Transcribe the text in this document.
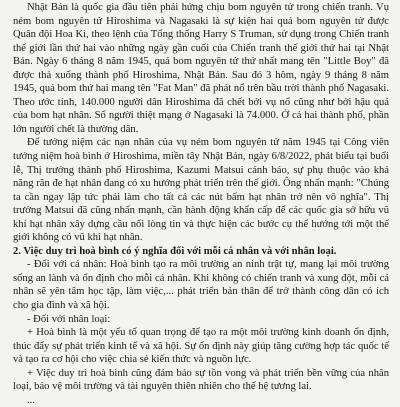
Nhật Bản là quốc gia đầu tiên phải hứng chịu bom nguyên tử trong chiến tranh. Vụ ném bom nguyên tử Hiroshima và Nagasaki là sự kiện hai quả bom nguyên tử được Quân đội Hoa Kì, theo lệnh của Tổng thống Harry S Truman, sử dụng trong Chiến tranh thế giới lần thứ hai vào những ngày gần cuối của Chiến tranh thế giới thứ hai tại Nhật Bản. Ngày 6 tháng 8 năm 1945, quả bom nguyên tử thứ nhất mang tên "Little Boy" đã được thả xuống thành phố Hiroshima, Nhật Bản. Sau đó 3 hôm, ngày 9 tháng 8 năm 1945, quả bom thứ hai mang tên "Fat Man" đã phát nổ trên bầu trời thành phố Nagasaki. Theo ước tính, 140.000 người dân Hiroshima đã chết bởi vụ nổ cũng như bởi hậu quả của bom hạt nhân. Số người thiệt mạng ở Nagasaki là 74.000. Ở cả hai thành phố, phần lớn người chết là thường dân.

Để tưởng niệm các nạn nhân của vụ ném bom nguyên tử năm 1945 tại Công viên tưởng niệm hoà bình ở Hiroshima, miền tây Nhật Bản, ngày 6/8/2022, phát biểu tại buổi lễ, Thị trưởng thành phố Hiroshima, Kazumi Matsui cảnh báo, sự phụ thuộc vào khả năng răn đe hạt nhân đang có xu hướng phát triển trên thế giới. Ông nhấn mạnh: "Chúng ta cần ngay lập tức phải làm cho tất cả các nút bấm hạt nhân trở nên vô nghĩa". Thị trưởng Matsui đã cũng nhấn mạnh, cần hành động khẩn cấp để các quốc gia sở hữu vũ khí hạt nhân xây dựng cầu nối lòng tin và thực hiện các bước cụ thể hướng tới một thế giới không có vũ khí hạt nhân.

2. Việc duy trì hoà bình có ý nghĩa đối với mỗi cá nhân và với nhân loại.

- Đối với cá nhân: Hoà bình tạo ra môi trường an ninh trật tự, mang lại môi trường sống an lành và ổn định cho mỗi cá nhân. Khi không có chiến tranh và xung đột, mỗi cá nhân sẽ yên tâm học tập, làm việc,... phát triển bản thân để trở thành công dân có ích cho gia đình và xã hội.

- Đối với nhân loại:

+ Hoà bình là một yếu tố quan trọng để tạo ra một môi trường kinh doanh ổn định, thúc đẩy sự phát triển kinh tế và xã hội. Sự ổn định này giúp tăng cường hợp tác quốc tế và tạo ra cơ hội cho việc chia sẻ kiến thức và nguồn lực.

+ Việc duy trì hoà bình cũng đảm bảo sự tồn vong và phát triển bền vững của nhân loại, bảo vệ môi trường và tài nguyên thiên nhiên cho thế hệ tương lai.

...
